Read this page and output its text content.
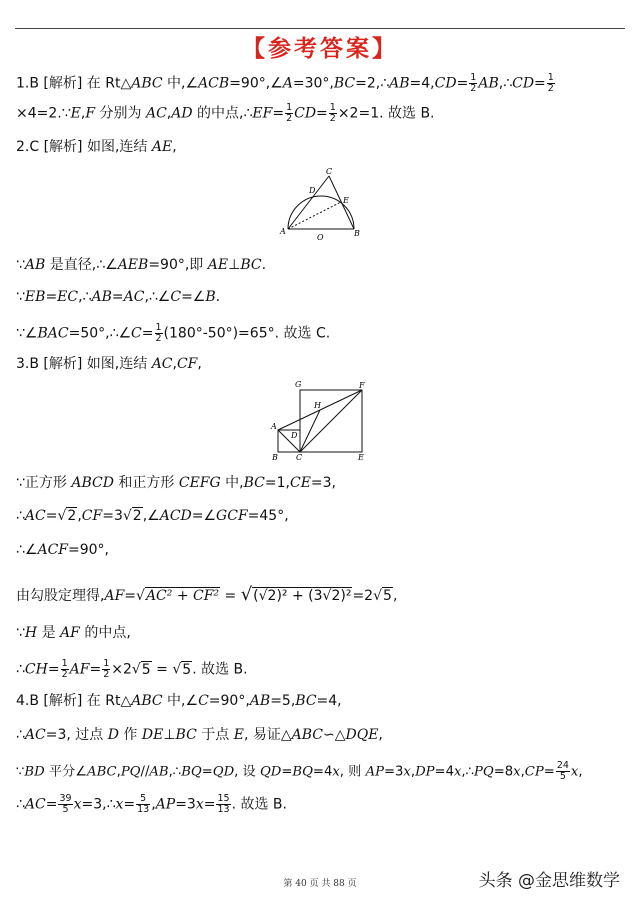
【参考答案】
1.B [解析] 在 Rt△ABC 中,∠ACB=90°,∠A=30°,BC=2,∴AB=4,CD= $\frac{1}{2}$ AB,∴CD= $\frac{1}{2}$
×4=2.∵E,F 分别为 AC,AD 的中点,∴EF= $\frac{1}{2} CD= \frac{1}{2} \times 2=1$. 故选 B.
2.C [解析] 如图,连结 AE,
A
O	B
C
D
E
∵AB 是直径,∴∠AEB=90°,即 AE⊥BC.
∵EB=EC,∴AB=AC,∴∠C=∠B.
∵∠BAC=50°,∴∠C= $\frac{1}{2} (180^\circ-50^\circ)=65^\circ$. 故选 C.
3.B [解析] 如图,连结 AC,CF,
G	F
H
A
D
B C	E
∵正方形 ABCD 和正方形 CEFG 中,BC=1,CE=3,
∴AC=√2,CF=3√2,∠ACD=∠GCF=45°,
∴∠ACF=90°,
由勾股定理得,AF=√AC² + CF² = √(√2)² + (3√2)²=2√5,
∵H 是 AF 的中点,
∴CH= $\frac{1}{2} AF= \frac{1}{2} \times 2√5 = √5$. 故选 B.
4.B [解析] 在 Rt△ABC 中,∠C=90°,AB=5,BC=4,
∴AC=3, 过点 D 作 DE⊥BC 于点 E, 易证△ABC∽△DQE,
∵BD 平分∠ABC,PQ//AB,∴BQ=QD, 设 QD=BQ=4x, 则 AP=3x,DP=4x,∴PQ=8x,CP= $\frac{24}{5} x$,
∴AC= $\frac{39}{5}$ x=3,∴x= $\frac{5}{13} ,AP=3x= \frac{15}{13}$ . 故选 B.
第 40 页 共 88 页	头条 @金思维数学
